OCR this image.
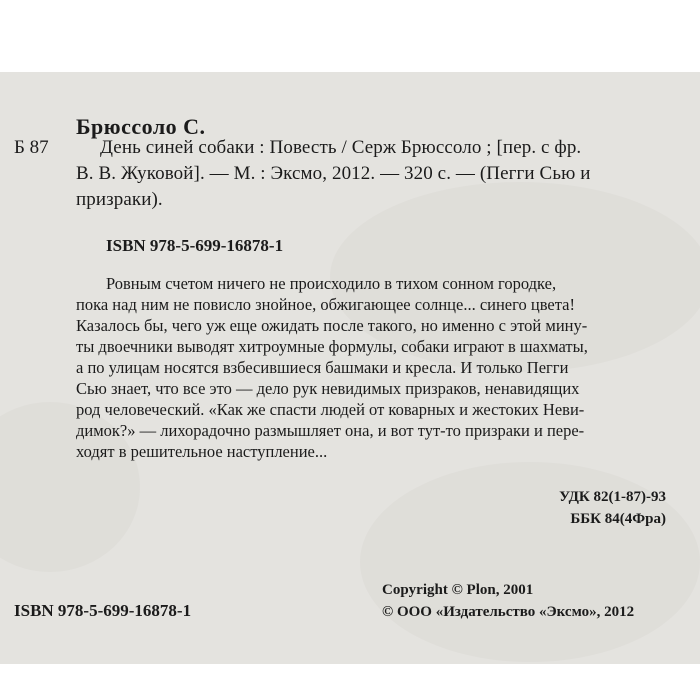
Брюссоло С.
Б 87	День синей собаки : Повесть / Серж Брюссоло ; [пер. с фр.
В. В. Жуковой]. — М. : Эксмо, 2012. — 320 с. — (Пегги Сью и
призраки).
ISBN 978-5-699-16878-1
Ровным счетом ничего не происходило в тихом сонном городке,
пока над ним не повисло знойное, обжигающее солнце... синего цвета!
Казалось бы, чего уж еще ожидать после такого, но именно с этой мину-
ты двоечники выводят хитроумные формулы, собаки играют в шахматы,
а по улицам носятся взбесившиеся башмаки и кресла. И только Пегги
Сью знает, что все это — дело рук невидимых призраков, ненавидящих
род человеческий. «Как же спасти людей от коварных и жестоких Неви-
димок?» — лихорадочно размышляет она, и вот тут-то призраки и пере-
ходят в решительное наступление...
УДК 82(1-87)-93
ББК 84(4Фра)
Copyright © Plon, 2001
© ООО «Издательство «Эксмо», 2012
ISBN 978-5-699-16878-1
